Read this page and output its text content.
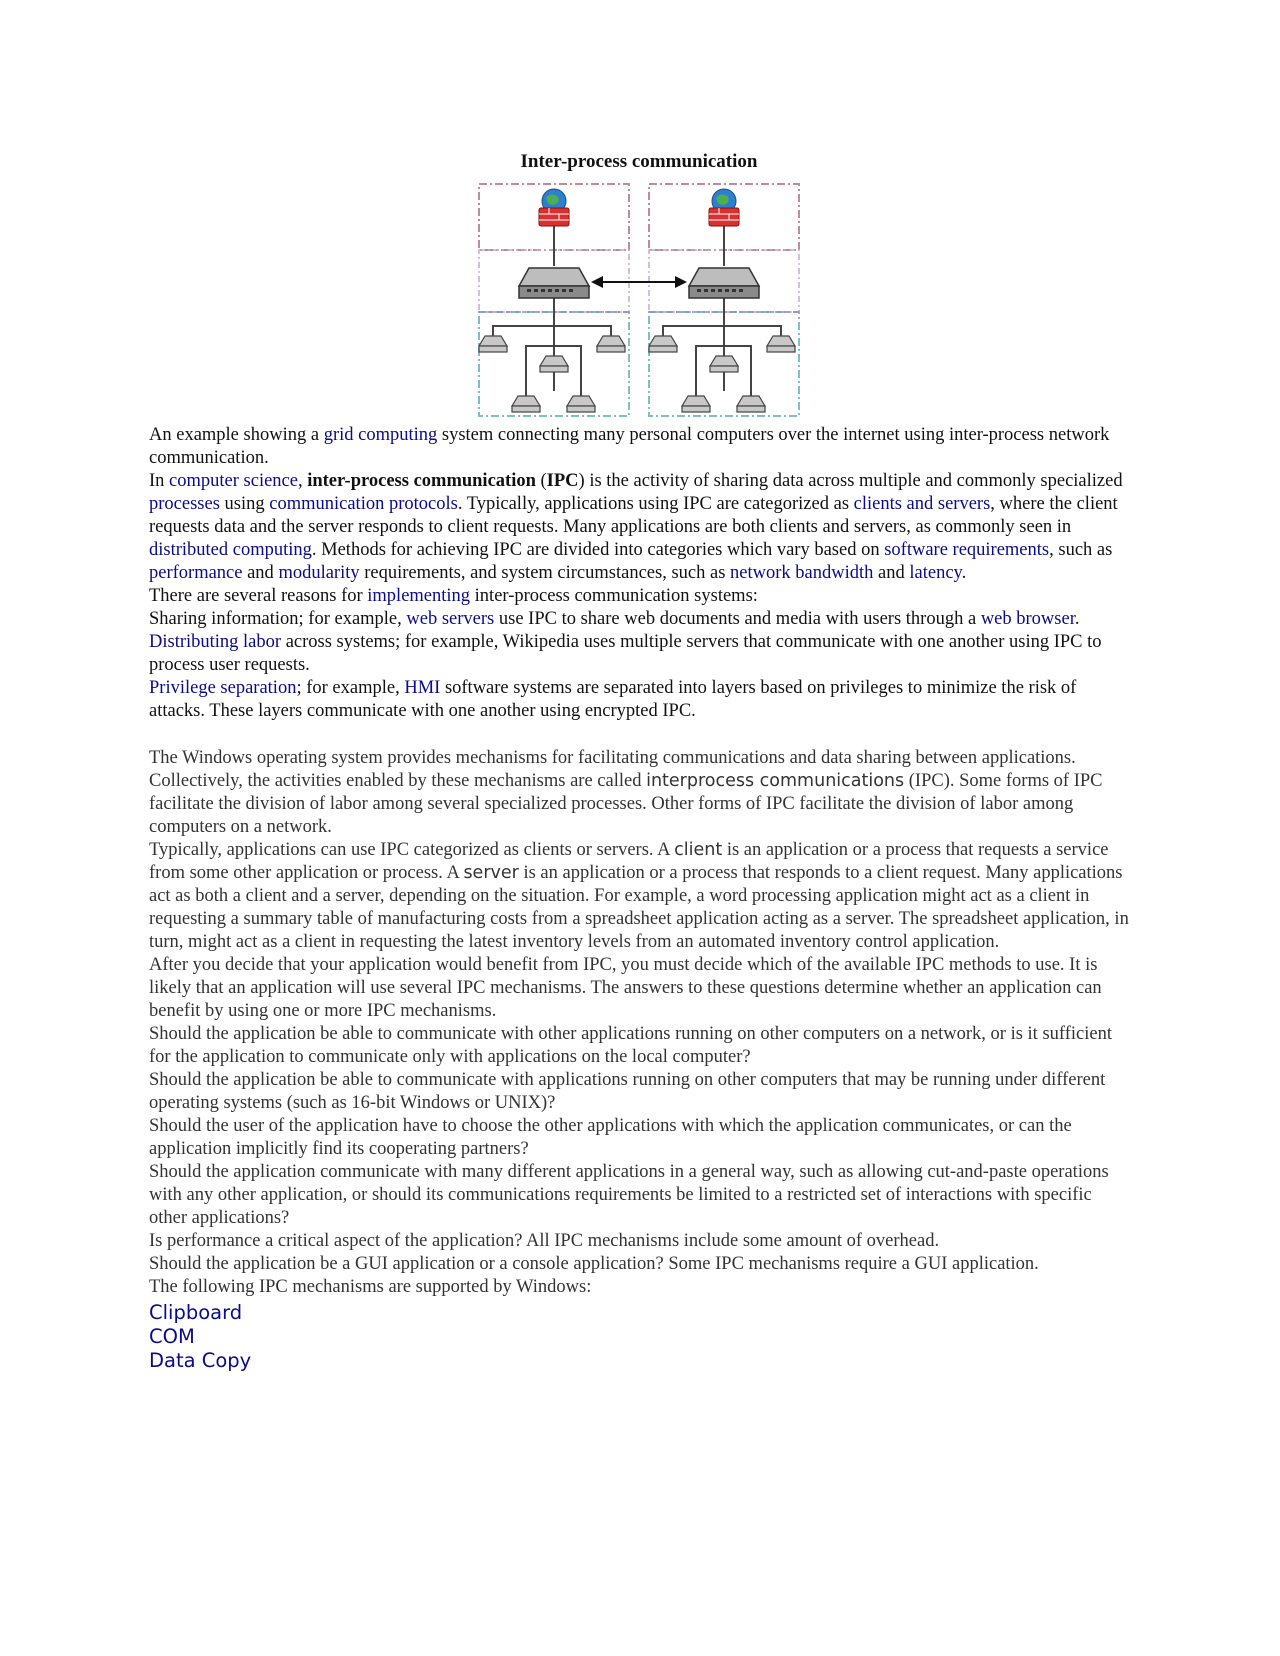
Inter-process communication

An example showing a grid computing system connecting many personal computers over the internet using inter-process network communication.

In computer science, inter-process communication (IPC) is the activity of sharing data across multiple and commonly specialized processes using communication protocols. Typically, applications using IPC are categorized as clients and servers, where the client requests data and the server responds to client requests. Many applications are both clients and servers, as commonly seen in distributed computing. Methods for achieving IPC are divided into categories which vary based on software requirements, such as performance and modularity requirements, and system circumstances, such as network bandwidth and latency.

There are several reasons for implementing inter-process communication systems:

Sharing information; for example, web servers use IPC to share web documents and media with users through a web browser.

Distributing labor across systems; for example, Wikipedia uses multiple servers that communicate with one another using IPC to process user requests.

Privilege separation; for example, HMI software systems are separated into layers based on privileges to minimize the risk of attacks. These layers communicate with one another using encrypted IPC.

The Windows operating system provides mechanisms for facilitating communications and data sharing between applications. Collectively, the activities enabled by these mechanisms are called interprocess communications (IPC). Some forms of IPC facilitate the division of labor among several specialized processes. Other forms of IPC facilitate the division of labor among computers on a network.

Typically, applications can use IPC categorized as clients or servers. A client is an application or a process that requests a service from some other application or process. A server is an application or a process that responds to a client request. Many applications act as both a client and a server, depending on the situation. For example, a word processing application might act as a client in requesting a summary table of manufacturing costs from a spreadsheet application acting as a server. The spreadsheet application, in turn, might act as a client in requesting the latest inventory levels from an automated inventory control application.

After you decide that your application would benefit from IPC, you must decide which of the available IPC methods to use. It is likely that an application will use several IPC mechanisms. The answers to these questions determine whether an application can benefit by using one or more IPC mechanisms.

Should the application be able to communicate with other applications running on other computers on a network, or is it sufficient for the application to communicate only with applications on the local computer?

Should the application be able to communicate with applications running on other computers that may be running under different operating systems (such as 16-bit Windows or UNIX)?

Should the user of the application have to choose the other applications with which the application communicates, or can the application implicitly find its cooperating partners?

Should the application communicate with many different applications in a general way, such as allowing cut-and-paste operations with any other application, or should its communications requirements be limited to a restricted set of interactions with specific other applications?

Is performance a critical aspect of the application? All IPC mechanisms include some amount of overhead.

Should the application be a GUI application or a console application? Some IPC mechanisms require a GUI application.

The following IPC mechanisms are supported by Windows:

Clipboard
COM
Data Copy
